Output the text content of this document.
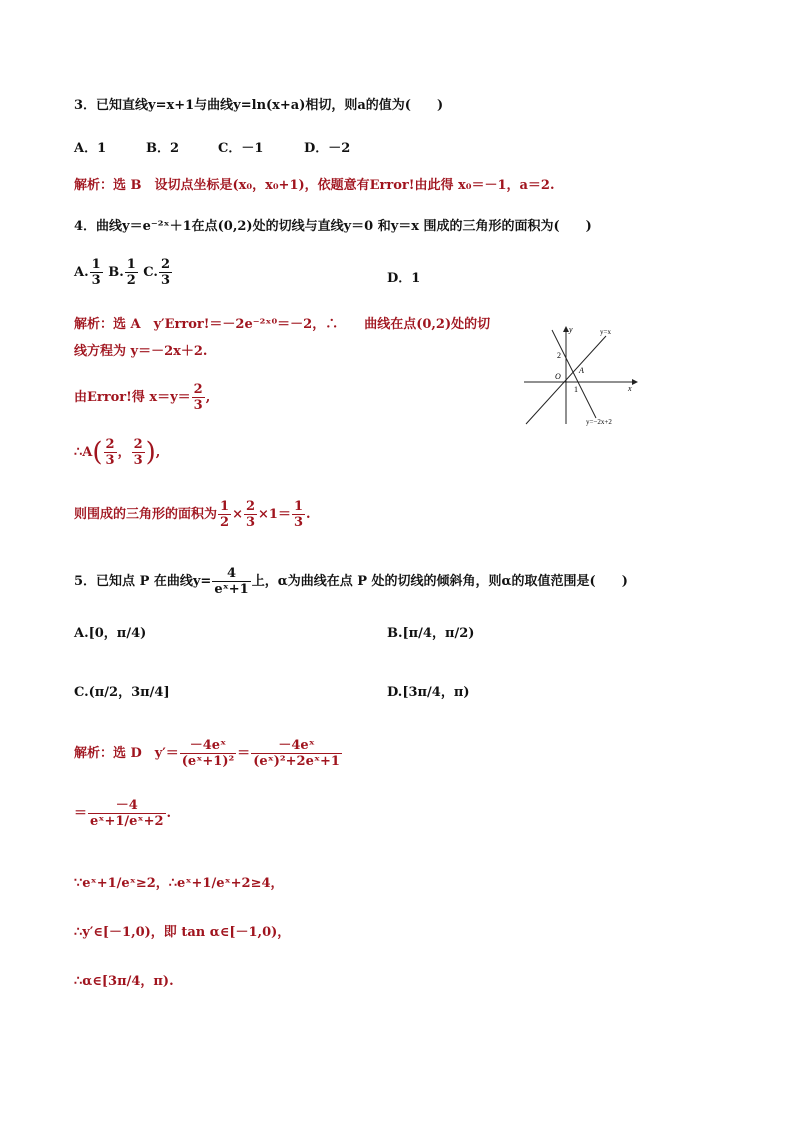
3．已知直线y=x+1与曲线y=ln(x+a)相切，则a的值为(　　)
A．1	B．2	C．－1	D．－2
解析：选 B　设切点坐标是(x₀，x₀+1)，依题意有Error!由此得 x₀＝－1，a＝2.
4．曲线y＝e⁻²ˣ＋1在点(0,2)处的切线与直线y＝0 和y＝x 围成的三角形的面积为(　　)
A. $\frac{1}{3} B$. $\frac{1}{2} C$. $\frac{2}{3}$	D．1
解析：选 A　y′Error!＝－2e⁻²ˣ⁰＝－2，∴　　曲线在点(0,2)处的切
线方程为 y＝－2x＋2.
由Error!得 $x=y= \frac{2}{3}$ ,
∴A( $\frac{2}{3}$ ， $\frac{2}{3}$ ),
则围成的三角形的面积为 $\frac{1}{2} \times \frac{2}{3} \times 1= \frac{1}{3}$ .
y
x
O
2
1
A
y=x
y=−2x+2
5．已知点 P 在曲线$y= \frac{4}{\text{eˣ+1}}$ 上，α为曲线在点 P 处的切线的倾斜角，则α的取值范围是(　　)
A.[0，π/4)	B.[π/4，π/2)
C.(π/2，3π/4]	D.[3π/4，π)
解析：选 D　$y'= \frac{\text{－4eˣ}}{\text{(eˣ+1)²}} = \frac{\text{－4eˣ}}{\text{(eˣ)²+2eˣ+1}}$
＝ $\frac{-4}{\text{eˣ+1/eˣ+2}}$ .
∵eˣ+1/eˣ≥2，∴eˣ+1/eˣ+2≥4，
∴y′∈[－1,0)，即 tan α∈[－1,0)，
∴α∈[3π/4，π).
